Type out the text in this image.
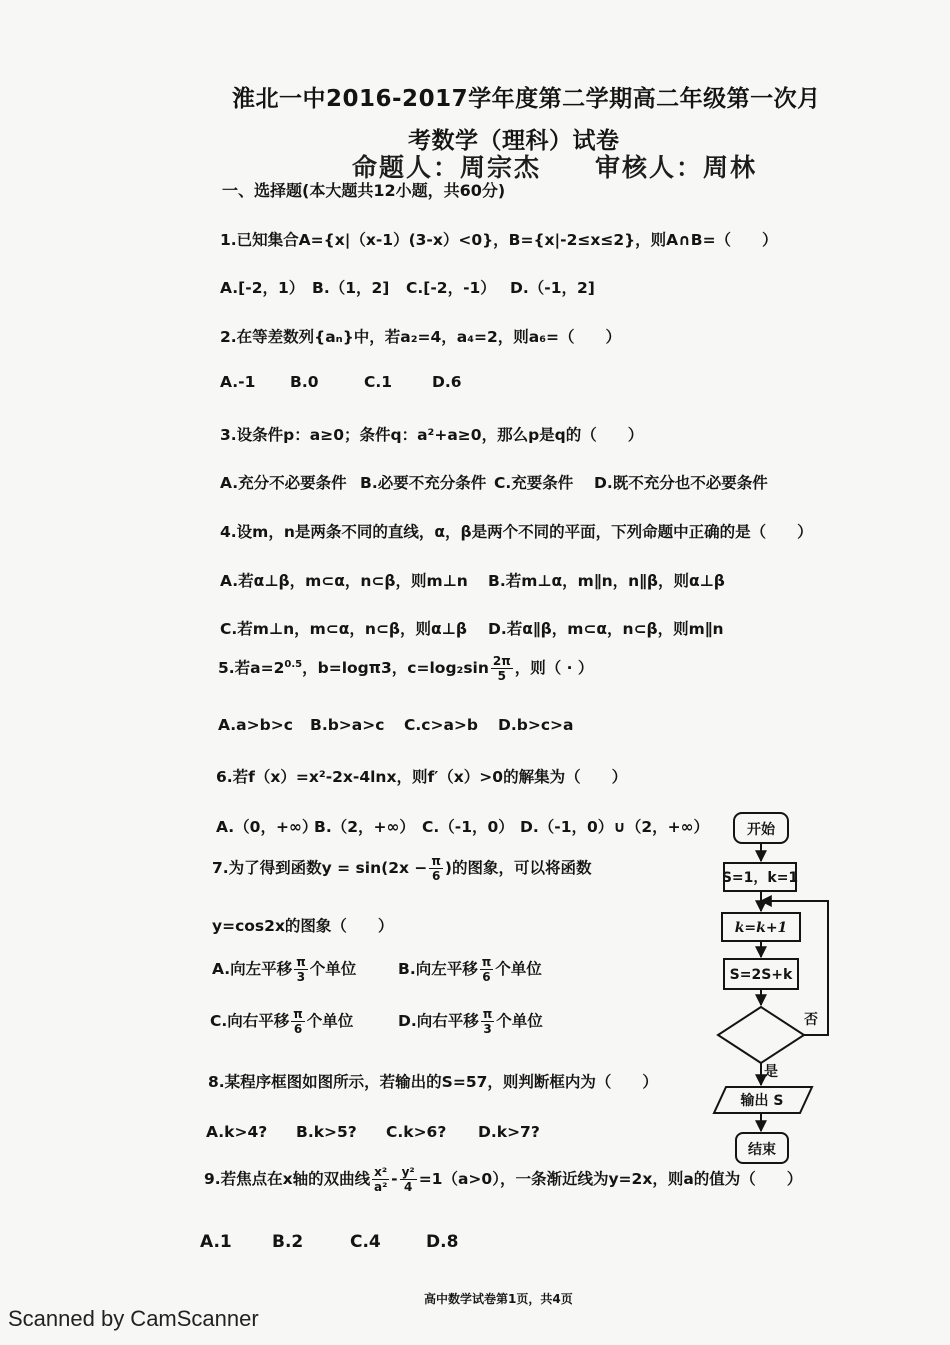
淮北一中2016-2017学年度第二学期高二年级第一次月
考数学（理科）试卷
命题人：周宗杰　　审核人：周林
一、选择题(本大题共12小题，共60分)
1.已知集合A={x|（x-1）(3-x）<0}，B={x|-2≤x≤2}，则A∩B=（　　）
A.[-2，1） B.（1，2] C.[-2，-1） D.（-1，2]
2.在等差数列{aₙ}中，若a₂=4，a₄=2，则a₆=（　　）
A.-1 B.0	C.1	D.6
3.设条件p：a≥0；条件q：a²+a≥0，那么p是q的（　　）
A.充分不必要条件 B.必要不充分条件 C.充要条件 D.既不充分也不必要条件
4.设m，n是两条不同的直线，α，β是两个不同的平面，下列命题中正确的是（　　）
A.若α⊥β，m⊂α，n⊂β，则m⊥n B.若m⊥α，m∥n，n∥β，则α⊥β
C.若m⊥n，m⊂α，n⊂β，则α⊥β D.若α∥β，m⊂α，n⊂β，则m∥n
5.若$a=2^{0.5}$，b=logπ3，$c=\log_2\sin \frac{2\pi}{5}$ ，则（ · ）
A.a>b>c B.b>a>c C.c>a>b D.b>c>a
6.若f（x）=x²-2x-4lnx，则f′（x）>0的解集为（　　）
A.（0，+∞）
B.（2，+∞） C.（-1，0） D.（-1，0）∪（2，+∞）
7.为了得到函数$y = \sin(2x - \frac{\pi}{6}$ )的图象，可以将函数
y=cos2x的图象（　　）
A.向左平移 $\frac{\pi}{3}$ 个单位	B.向左平移 $\frac{\pi}{6}$ 个单位
C.向右平移 $\frac{\pi}{6}$ 个单位	D.向右平移 $\frac{\pi}{3}$ 个单位
8.某程序框图如图所示，若输出的S=57，则判断框内为（　　）
A.k>4? B.k>5? C.k>6? D.k>7?
9.若焦点在x轴的双曲线 $\frac{\text{x²}}{\text{a²}} - \frac{\text{y²}}{4} =1(a>0)$，一条渐近线为y=2x，则a的值为（　　）
A.1 B.2	C.4	D.8
开始
S=1，k=1
k=k+1
S=2S+k
否
是
输出 S
结束
高中数学试卷第1页，共4页
Scanned by CamScanner
